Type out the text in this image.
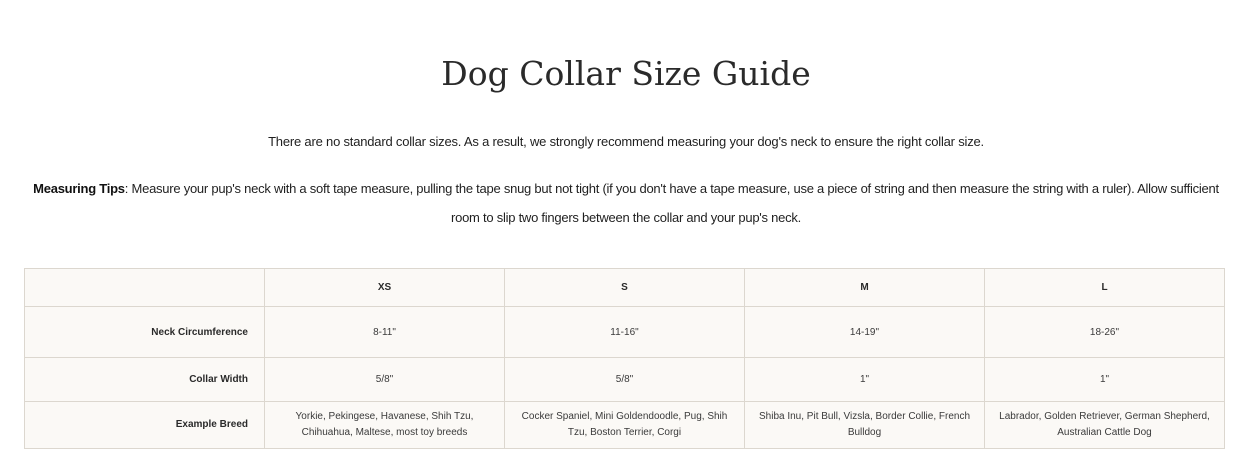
Dog Collar Size Guide

There are no standard collar sizes. As a result, we strongly recommend measuring your dog's neck to ensure the right collar size.

Measuring Tips: Measure your pup's neck with a soft tape measure, pulling the tape snug but not tight (if you don't have a tape measure, use a piece of string and then measure the string with a ruler). Allow sufficient room to slip two fingers between the collar and your pup's neck.

	XS	S	M	L
Neck Circumference	8-11"	11-16"	14-19"	18-26"
Collar Width	5/8"	5/8"	1"	1"
Example Breed	Yorkie, Pekingese, Havanese, Shih Tzu, Chihuahua, Maltese, most toy breeds	Cocker Spaniel, Mini Goldendoodle, Pug, Shih Tzu, Boston Terrier, Corgi	Shiba Inu, Pit Bull, Vizsla, Border Collie, French Bulldog	Labrador, Golden Retriever, German Shepherd, Australian Cattle Dog
